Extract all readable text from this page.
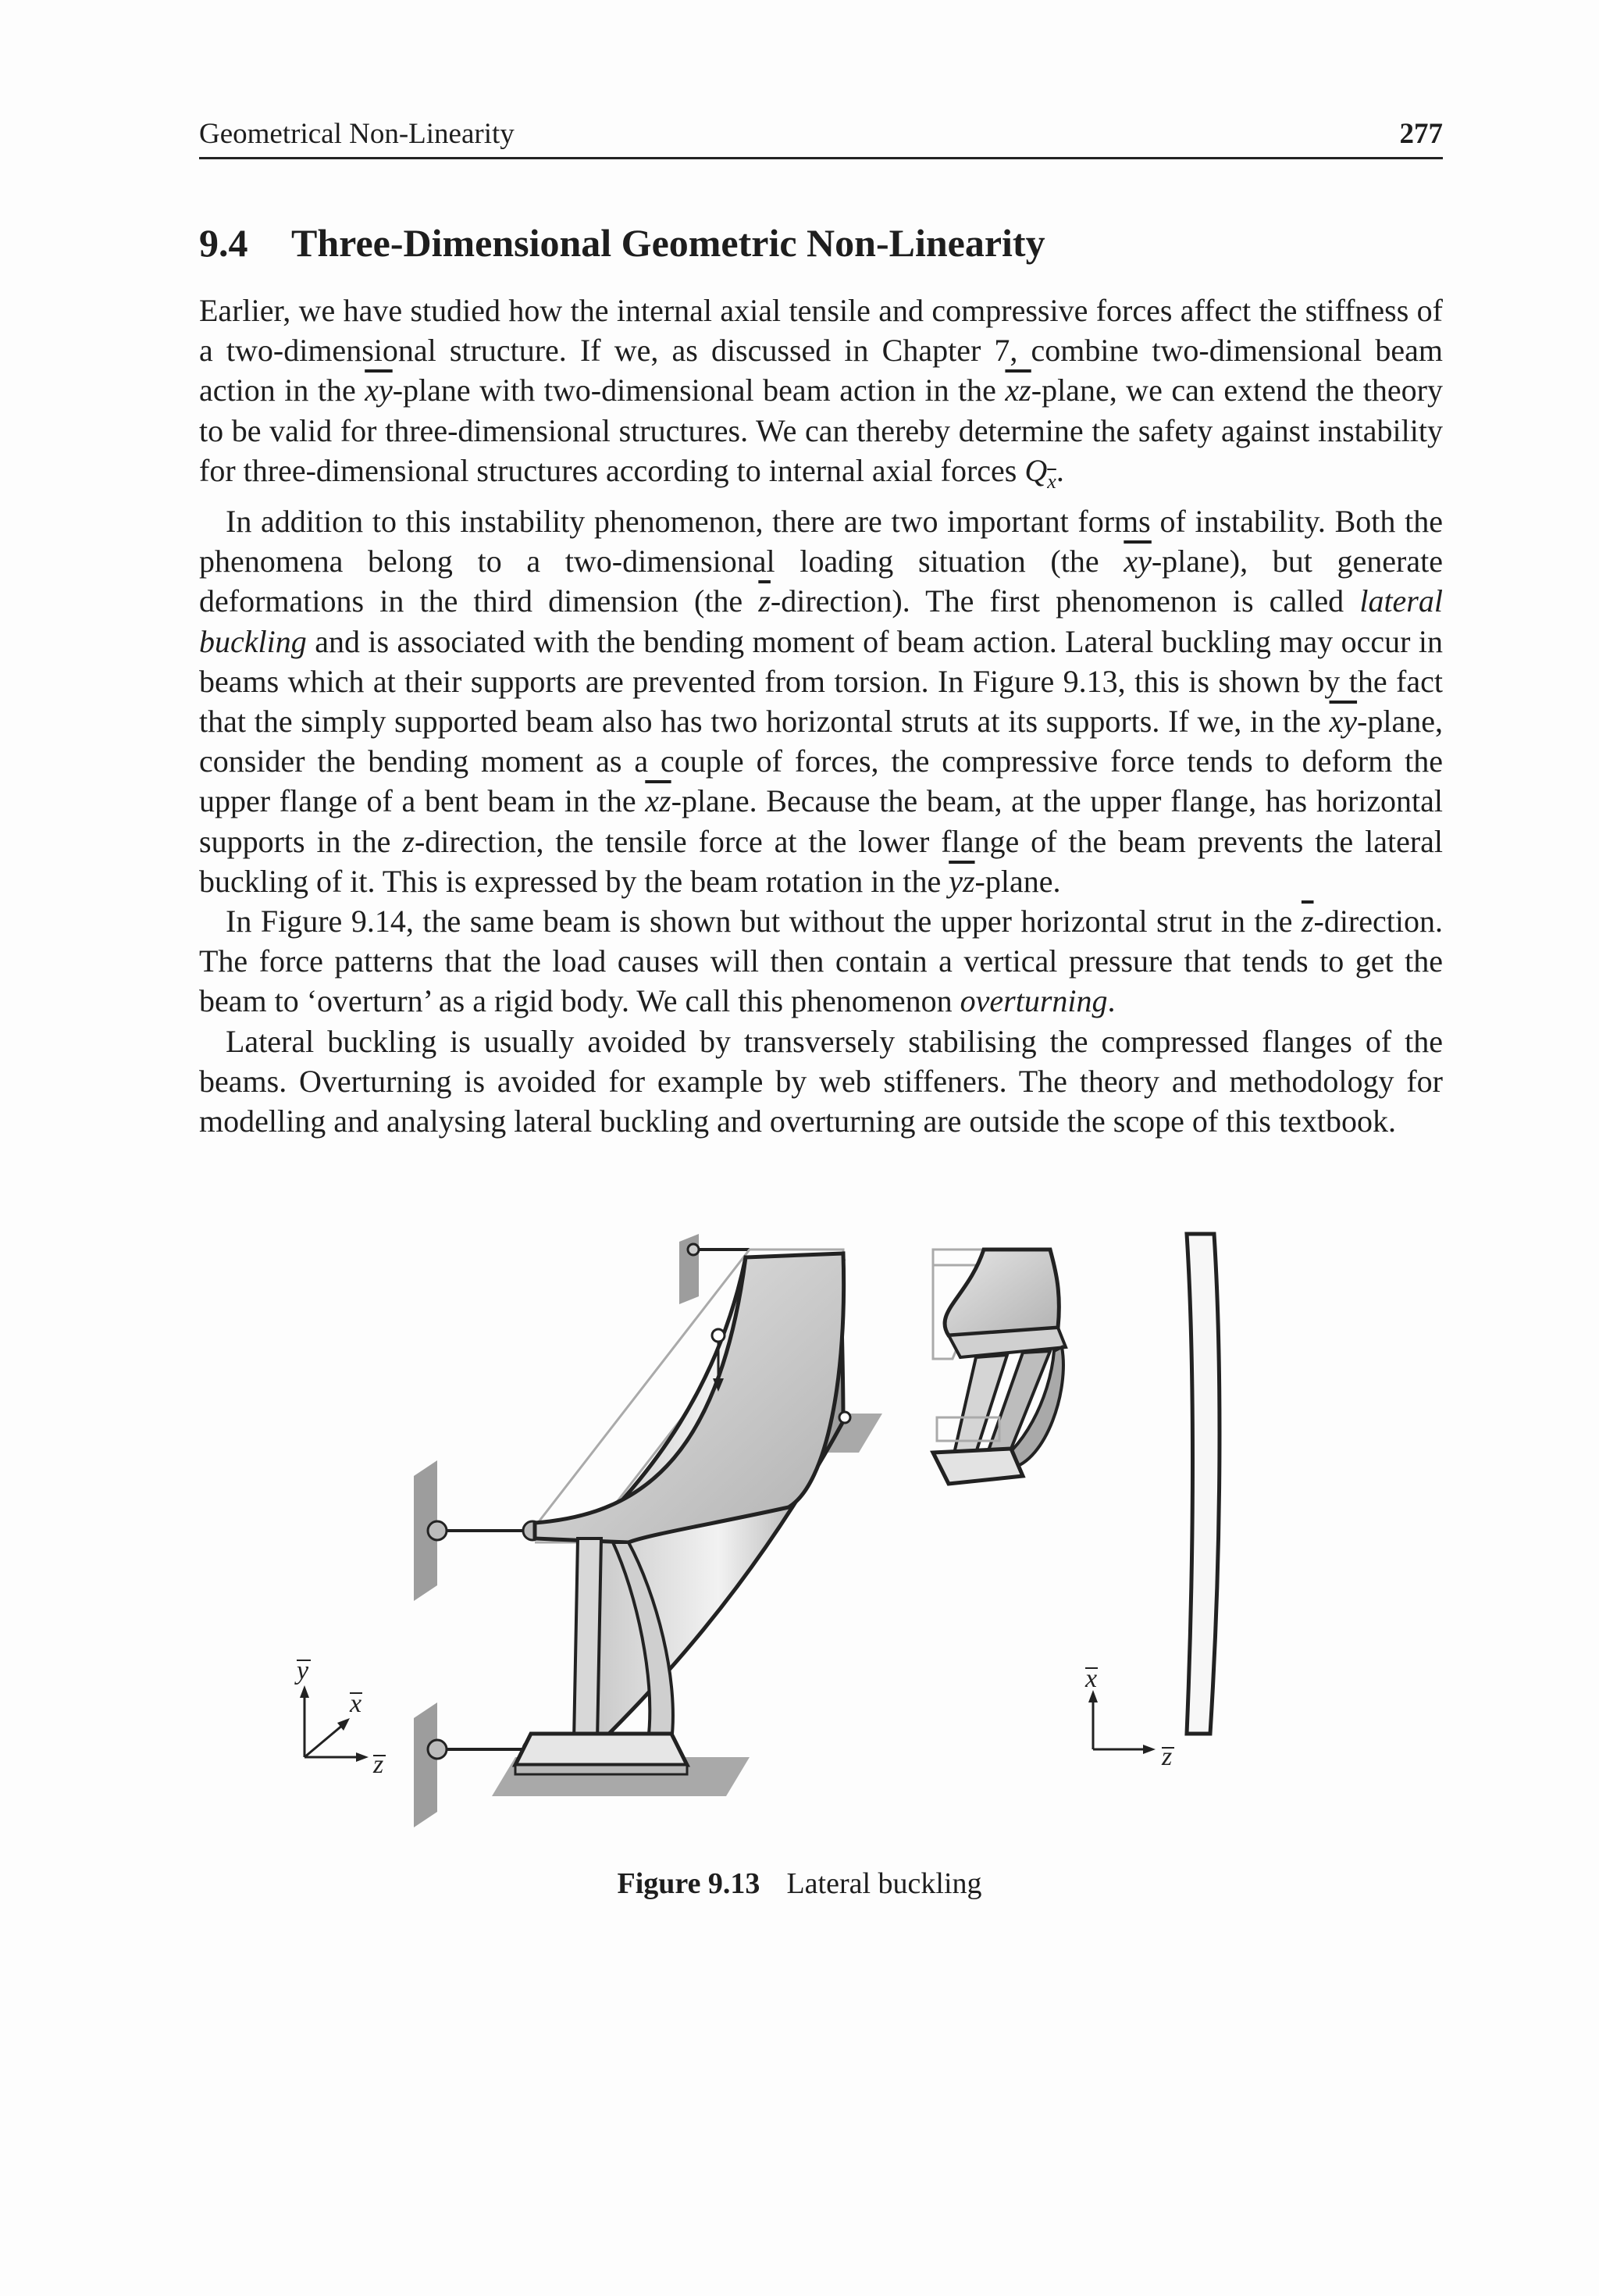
Geometrical Non-Linearity	277
9.4 Three-Dimensional Geometric Non-Linearity

Earlier, we have studied how the internal axial tensile and compressive forces affect the stiffness of a two-dimensional structure. If we, as discussed in Chapter 7, combine two-dimensional beam action in the $\overline{xy}$-plane with two-dimensional beam action in the $\overline{xz}$-plane, we can extend the theory to be valid for three-dimensional structures. We can thereby determine the safety against instability for three-dimensional structures according to internal axial forces $Q_{\overline{x}}$.

In addition to this instability phenomenon, there are two important forms of instability. Both the phenomena belong to a two-dimensional loading situation (the $\overline{xy}-plane$), but generate deformations in the third dimension (the $\overline{z}-direction$). The first phenomenon is called lateral buckling and is associated with the bending moment of beam action. Lateral buckling may occur in beams which at their supports are prevented from torsion. In Figure 9.13, this is shown by the fact that the simply supported beam also has two horizontal struts at its supports. If we, in the $\overline{xy}$-plane, consider the bending moment as a couple of forces, the compressive force tends to deform the upper flange of a bent beam in the $\overline{xz}$-plane. Because the beam, at the upper flange, has horizontal supports in the z-direction, the tensile force at the lower flange of the beam prevents the lateral buckling of it. This is expressed by the beam rotation in the $\overline{yz}$-plane.

In Figure 9.14, the same beam is shown but without the upper horizontal strut in the $\overline{z}$-direction. The force patterns that the load causes will then contain a vertical pressure that tends to get the beam to ‘overturn’ as a rigid body. We call this phenomenon overturning.

Lateral buckling is usually avoided by transversely stabilising the compressed flanges of the beams. Overturning is avoided for example by web stiffeners. The theory and methodology for modelling and analysing lateral buckling and overturning are outside the scope of this textbook.

y
x
z
x
z
Figure 9.13 Lateral buckling
